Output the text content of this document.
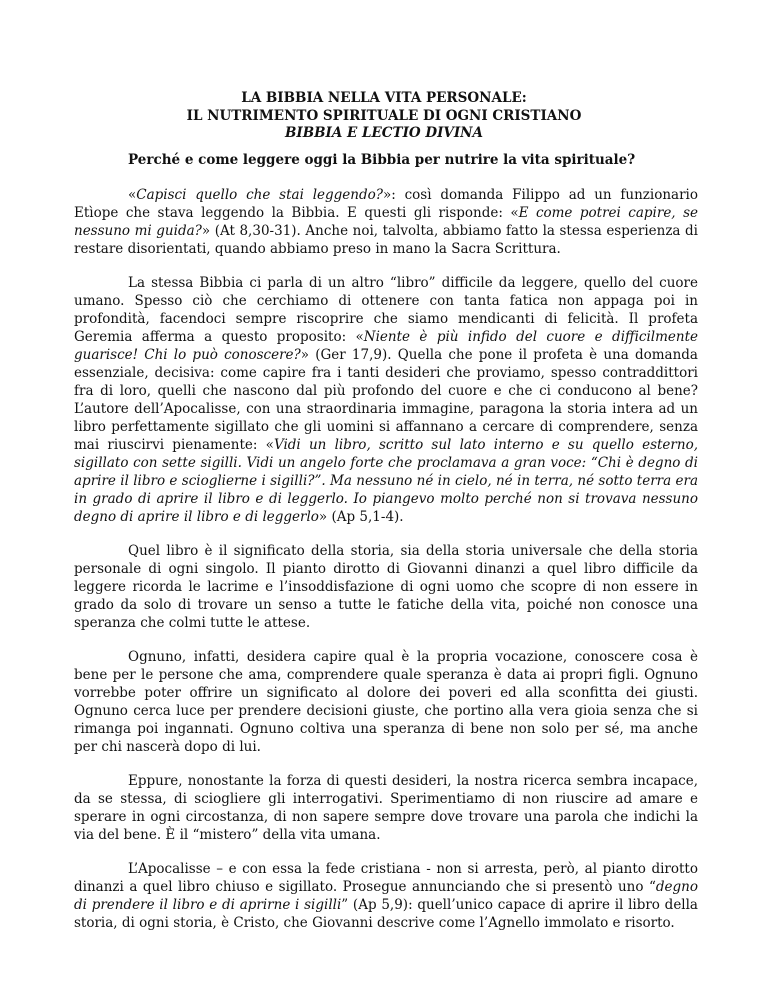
LA BIBBIA NELLA VITA PERSONALE:
IL NUTRIMENTO SPIRITUALE DI OGNI CRISTIANO
BIBBIA E LECTIO DIVINA
Perché e come leggere oggi la Bibbia per nutrire la vita spirituale?

«Capisci quello che stai leggendo?»: così domanda Filippo ad un funzionario Etìope che stava leggendo la Bibbia. E questi gli risponde: «E come potrei capire, se nessuno mi guida?» (At 8,30-31). Anche noi, talvolta, abbiamo fatto la stessa esperienza di restare disorientati, quando abbiamo preso in mano la Sacra Scrittura.

La stessa Bibbia ci parla di un altro “libro” difficile da leggere, quello del cuore umano. Spesso ciò che cerchiamo di ottenere con tanta fatica non appaga poi in profondità, facendoci sempre riscoprire che siamo mendicanti di felicità. Il profeta Geremia afferma a questo proposito: «Niente è più infido del cuore e difficilmente guarisce! Chi lo può conoscere?» (Ger 17,9). Quella che pone il profeta è una domanda essenziale, decisiva: come capire fra i tanti desideri che proviamo, spesso contraddittori fra di loro, quelli che nascono dal più profondo del cuore e che ci conducono al bene? L’autore dell’Apocalisse, con una straordinaria immagine, paragona la storia intera ad un libro perfettamente sigillato che gli uomini si affannano a cercare di comprendere, senza mai riuscirvi pienamente: «Vidi un libro, scritto sul lato interno e su quello esterno, sigillato con sette sigilli. Vidi un angelo forte che proclamava a gran voce: “Chi è degno di aprire il libro e scioglierne i sigilli?”. Ma nessuno né in cielo, né in terra, né sotto terra era in grado di aprire il libro e di leggerlo. Io piangevo molto perché non si trovava nessuno degno di aprire il libro e di leggerlo» (Ap 5,1-4).

Quel libro è il significato della storia, sia della storia universale che della storia personale di ogni singolo. Il pianto dirotto di Giovanni dinanzi a quel libro difficile da leggere ricorda le lacrime e l’insoddisfazione di ogni uomo che scopre di non essere in grado da solo di trovare un senso a tutte le fatiche della vita, poiché non conosce una speranza che colmi tutte le attese.

Ognuno, infatti, desidera capire qual è la propria vocazione, conoscere cosa è bene per le persone che ama, comprendere quale speranza è data ai propri figli. Ognuno vorrebbe poter offrire un significato al dolore dei poveri ed alla sconfitta dei giusti. Ognuno cerca luce per prendere decisioni giuste, che portino alla vera gioia senza che si rimanga poi ingannati. Ognuno coltiva una speranza di bene non solo per sé, ma anche per chi nascerà dopo di lui.

Eppure, nonostante la forza di questi desideri, la nostra ricerca sembra incapace, da se stessa, di sciogliere gli interrogativi. Sperimentiamo di non riuscire ad amare e sperare in ogni circostanza, di non sapere sempre dove trovare una parola che indichi la via del bene. È il “mistero” della vita umana.

L’Apocalisse – e con essa la fede cristiana - non si arresta, però, al pianto dirotto dinanzi a quel libro chiuso e sigillato. Prosegue annunciando che si presentò uno “degno di prendere il libro e di aprirne i sigilli” (Ap 5,9): quell’unico capace di aprire il libro della storia, di ogni storia, è Cristo, che Giovanni descrive come l’Agnello immolato e risorto.
